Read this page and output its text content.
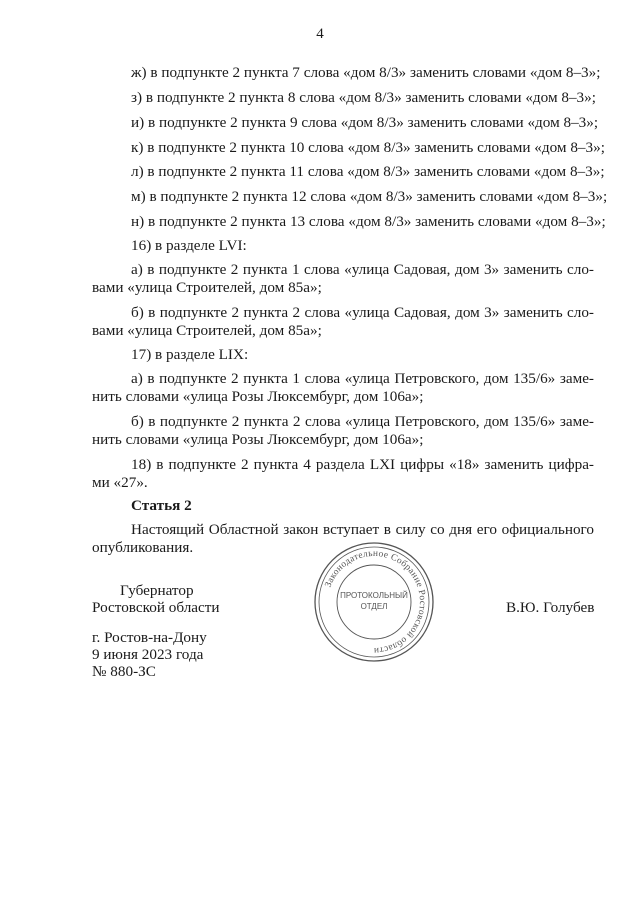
4
ж) в подпункте 2 пункта 7 слова «дом 8/3» заменить словами «дом 8–3»;
з) в подпункте 2 пункта 8 слова «дом 8/3» заменить словами «дом 8–3»;
и) в подпункте 2 пункта 9 слова «дом 8/3» заменить словами «дом 8–3»;
к) в подпункте 2 пункта 10 слова «дом 8/3» заменить словами «дом 8–3»;
л) в подпункте 2 пункта 11 слова «дом 8/3» заменить словами «дом 8–3»;
м) в подпункте 2 пункта 12 слова «дом 8/3» заменить словами «дом 8–3»;
н) в подпункте 2 пункта 13 слова «дом 8/3» заменить словами «дом 8–3»;
16) в разделе LVI:
а) в подпункте 2 пункта 1 слова «улица Садовая, дом 3» заменить сло-
вами «улица Строителей, дом 85а»;
б) в подпункте 2 пункта 2 слова «улица Садовая, дом 3» заменить сло-
вами «улица Строителей, дом 85а»;
17) в разделе LIX:
а) в подпункте 2 пункта 1 слова «улица Петровского, дом 135/6» заме-
нить словами «улица Розы Люксембург, дом 106а»;
б) в подпункте 2 пункта 2 слова «улица Петровского, дом 135/6» заме-
нить словами «улица Розы Люксембург, дом 106а»;
18) в подпункте 2 пункта 4 раздела LXI цифры «18» заменить цифра-
ми «27».
Статья 2
Настоящий Областной закон вступает в силу со дня его официального
опубликования.
Законодательное Собрание Ростовской области
ПРОТОКОЛЬНЫЙ
ОТДЕЛ
Губернатор
Ростовской области	В.Ю. Голубев
г. Ростов-на-Дону
9 июня 2023 года
№ 880-ЗС
